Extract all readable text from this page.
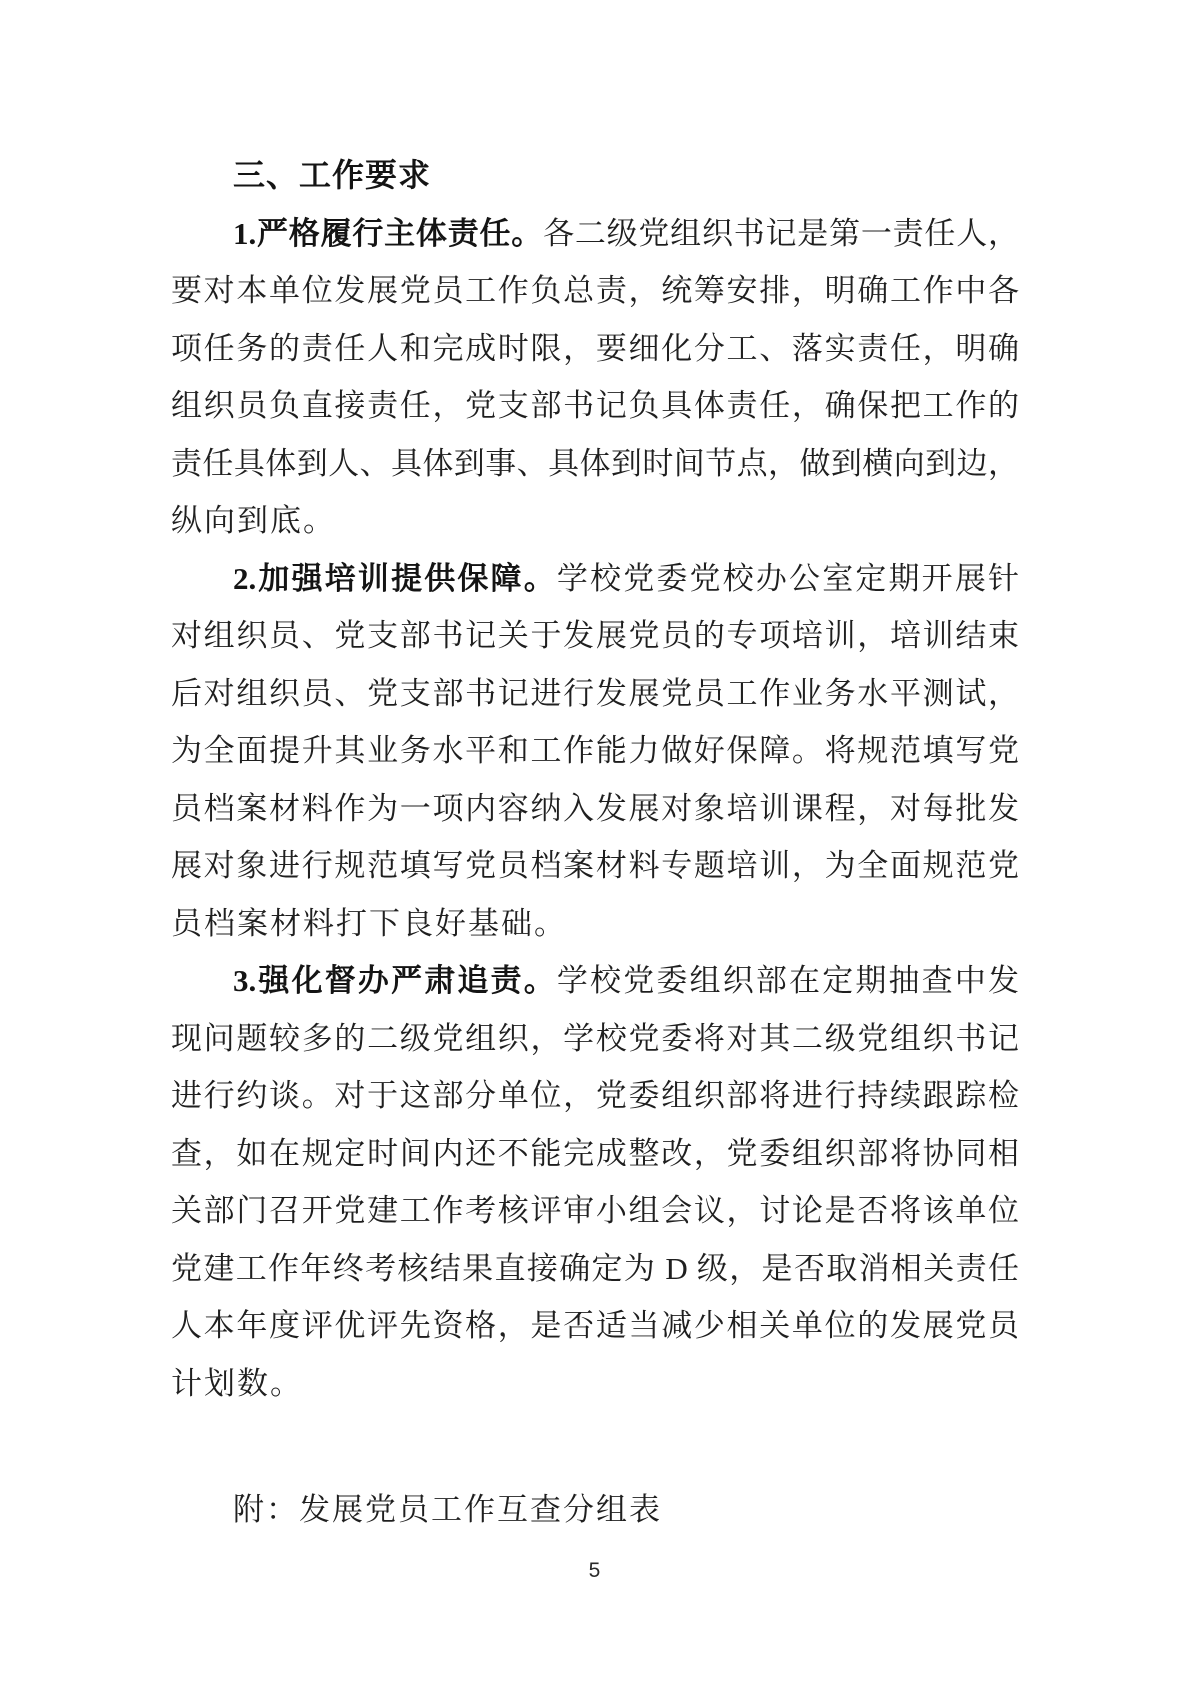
三、工作要求
1.严格履行主体责任。各二级党组织书记是第一责任人，
要对本单位发展党员工作负总责，统筹安排，明确工作中各
项任务的责任人和完成时限，要细化分工、落实责任，明确
组织员负直接责任，党支部书记负具体责任，确保把工作的
责任具体到人、具体到事、具体到时间节点，做到横向到边，
纵向到底。
2.加强培训提供保障。学校党委党校办公室定期开展针
对组织员、党支部书记关于发展党员的专项培训，培训结束
后对组织员、党支部书记进行发展党员工作业务水平测试，
为全面提升其业务水平和工作能力做好保障。将规范填写党
员档案材料作为一项内容纳入发展对象培训课程，对每批发
展对象进行规范填写党员档案材料专题培训，为全面规范党
员档案材料打下良好基础。
3.强化督办严肃追责。学校党委组织部在定期抽查中发
现问题较多的二级党组织，学校党委将对其二级党组织书记
进行约谈。对于这部分单位，党委组织部将进行持续跟踪检
查，如在规定时间内还不能完成整改，党委组织部将协同相
关部门召开党建工作考核评审小组会议，讨论是否将该单位
党建工作年终考核结果直接确定为 D 级，是否取消相关责任
人本年度评优评先资格，是否适当减少相关单位的发展党员
计划数。
附：发展党员工作互查分组表
5
